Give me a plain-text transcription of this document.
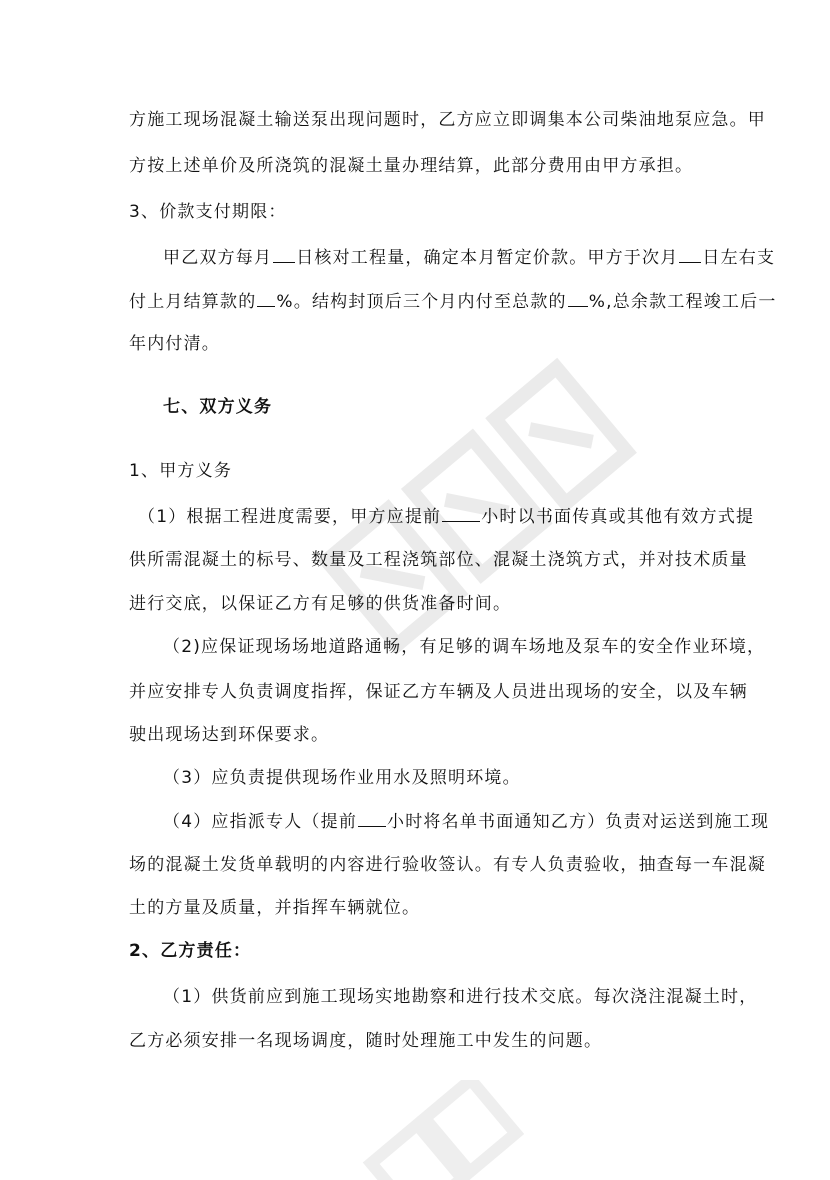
方施工现场混凝土输送泵出现问题时，乙方应立即调集本公司柴油地泵应急。甲
方按上述单价及所浇筑的混凝土量办理结算，此部分费用由甲方承担。
3、价款支付期限：
甲乙双方每月 日核对工程量，确定本月暂定价款。甲方于次月 日左右支
付上月结算款的 %。结构封顶后三个月内付至总款的 %,总余款工程竣工后一
年内付清。
七、双方义务
1、甲方义务
（1）根据工程进度需要，甲方应提前 小时以书面传真或其他有效方式提
供所需混凝土的标号、数量及工程浇筑部位、混凝土浇筑方式，并对技术质量
进行交底，以保证乙方有足够的供货准备时间。
（2)应保证现场场地道路通畅，有足够的调车场地及泵车的安全作业环境，
并应安排专人负责调度指挥，保证乙方车辆及人员进出现场的安全，以及车辆
驶出现场达到环保要求。
（3）应负责提供现场作业用水及照明环境。
（4）应指派专人（提前 小时将名单书面通知乙方）负责对运送到施工现
场的混凝土发货单载明的内容进行验收签认。有专人负责验收，抽查每一车混凝
土的方量及质量，并指挥车辆就位。
2、乙方责任：
（1）供货前应到施工现场实地勘察和进行技术交底。每次浇注混凝土时，
乙方必须安排一名现场调度，随时处理施工中发生的问题。
